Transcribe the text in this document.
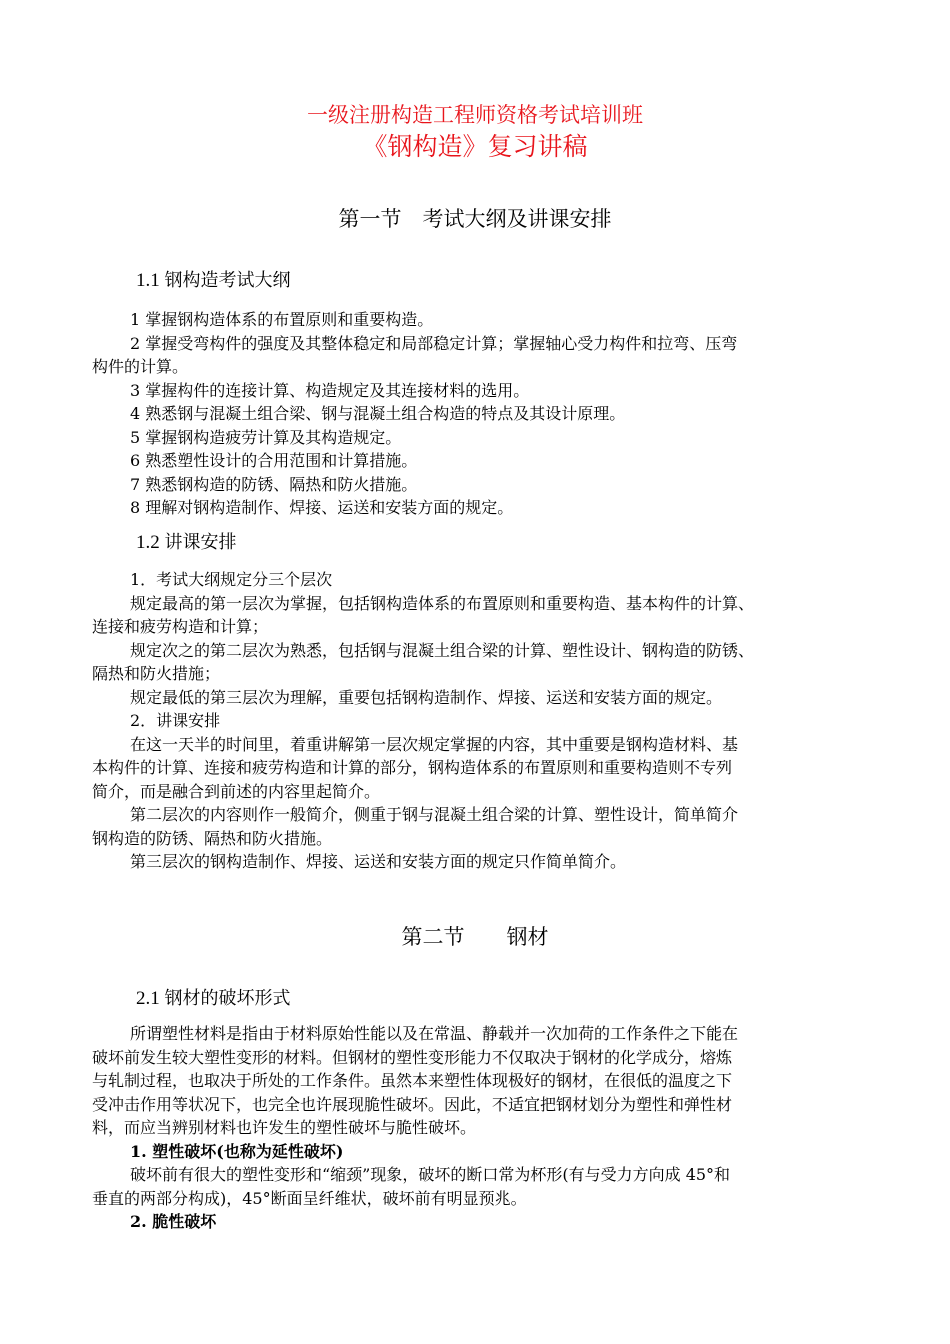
一级注册构造工程师资格考试培训班
《钢构造》复习讲稿
第一节　考试大纲及讲课安排
1.1 钢构造考试大纲
1 掌握钢构造体系的布置原则和重要构造。
2 掌握受弯构件的强度及其整体稳定和局部稳定计算；掌握轴心受力构件和拉弯、压弯
构件的计算。
3 掌握构件的连接计算、构造规定及其连接材料的选用。
4 熟悉钢与混凝土组合梁、钢与混凝土组合构造的特点及其设计原理。
5 掌握钢构造疲劳计算及其构造规定。
6 熟悉塑性设计的合用范围和计算措施。
7 熟悉钢构造的防锈、隔热和防火措施。
8 理解对钢构造制作、焊接、运送和安装方面的规定。
1.2 讲课安排
1．考试大纲规定分三个层次
规定最高的第一层次为掌握，包括钢构造体系的布置原则和重要构造、基本构件的计算、
连接和疲劳构造和计算；
规定次之的第二层次为熟悉，包括钢与混凝土组合梁的计算、塑性设计、钢构造的防锈、
隔热和防火措施；
规定最低的第三层次为理解，重要包括钢构造制作、焊接、运送和安装方面的规定。
2．讲课安排
在这一天半的时间里，着重讲解第一层次规定掌握的内容，其中重要是钢构造材料、基
本构件的计算、连接和疲劳构造和计算的部分，钢构造体系的布置原则和重要构造则不专列
简介，而是融合到前述的内容里起简介。
第二层次的内容则作一般简介，侧重于钢与混凝土组合梁的计算、塑性设计，简单简介
钢构造的防锈、隔热和防火措施。
第三层次的钢构造制作、焊接、运送和安装方面的规定只作简单简介。
第二节　　钢材
2.1 钢材的破坏形式
所谓塑性材料是指由于材料原始性能以及在常温、静载并一次加荷的工作条件之下能在
破坏前发生较大塑性变形的材料。但钢材的塑性变形能力不仅取决于钢材的化学成分，熔炼
与轧制过程，也取决于所处的工作条件。虽然本来塑性体现极好的钢材，在很低的温度之下
受冲击作用等状况下，也完全也许展现脆性破坏。因此，不适宜把钢材划分为塑性和弹性材
料，而应当辨别材料也许发生的塑性破坏与脆性破坏。
1. 塑性破坏(也称为延性破坏)
破坏前有很大的塑性变形和“缩颈”现象，破坏的断口常为杯形(有与受力方向成 45°和
垂直的两部分构成)，45°断面呈纤维状，破坏前有明显预兆。
2. 脆性破坏
